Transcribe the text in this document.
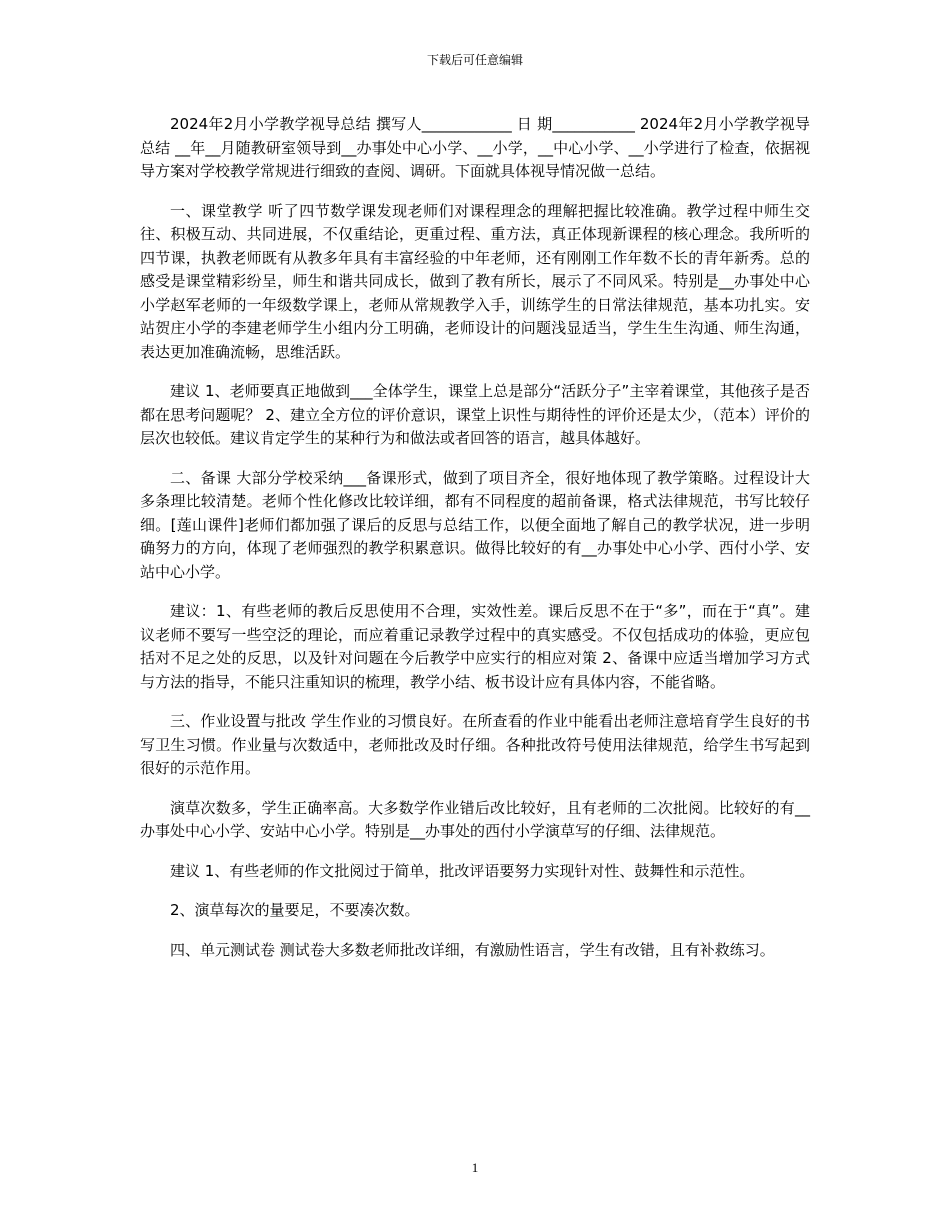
下载后可任意编辑

2024年2月小学教学视导总结 撰写人____________ 日 期___________ 2024年2月小学教学视导总结 __年__月随教研室领导到__办事处中心小学、__小学，__中心小学、__小学进行了检查，依据视导方案对学校教学常规进行细致的查阅、调研。下面就具体视导情况做一总结。

一、课堂教学 听了四节数学课发现老师们对课程理念的理解把握比较准确。教学过程中师生交往、积极互动、共同进展，不仅重结论，更重过程、重方法，真正体现新课程的核心理念。我所听的四节课，执教老师既有从教多年具有丰富经验的中年老师，还有刚刚工作年数不长的青年新秀。总的感受是课堂精彩纷呈，师生和谐共同成长，做到了教有所长，展示了不同风采。特别是__办事处中心小学赵军老师的一年级数学课上，老师从常规教学入手，训练学生的日常法律规范，基本功扎实。安站贺庄小学的李建老师学生小组内分工明确，老师设计的问题浅显适当，学生生生沟通、师生沟通，表达更加准确流畅，思维活跃。

建议 1、老师要真正地做到___全体学生，课堂上总是部分“活跃分子”主宰着课堂，其他孩子是否都在思考问题呢？ 2、建立全方位的评价意识，课堂上识性与期待性的评价还是太少，（范本）评价的层次也较低。建议肯定学生的某种行为和做法或者回答的语言，越具体越好。

二、备课 大部分学校采纳___备课形式，做到了项目齐全，很好地体现了教学策略。过程设计大多条理比较清楚。老师个性化修改比较详细，都有不同程度的超前备课，格式法律规范，书写比较仔细。[莲山课件]老师们都加强了课后的反思与总结工作，以便全面地了解自己的教学状况，进一步明确努力的方向，体现了老师强烈的教学积累意识。做得比较好的有__办事处中心小学、西付小学、安站中心小学。

建议：1、有些老师的教后反思使用不合理，实效性差。课后反思不在于“多”，而在于“真”。建议老师不要写一些空泛的理论，而应着重记录教学过程中的真实感受。不仅包括成功的体验，更应包括对不足之处的反思，以及针对问题在今后教学中应实行的相应对策 2、备课中应适当增加学习方式与方法的指导，不能只注重知识的梳理，教学小结、板书设计应有具体内容，不能省略。

三、作业设置与批改 学生作业的习惯良好。在所查看的作业中能看出老师注意培育学生良好的书写卫生习惯。作业量与次数适中，老师批改及时仔细。各种批改符号使用法律规范，给学生书写起到很好的示范作用。

演草次数多，学生正确率高。大多数学作业错后改比较好，且有老师的二次批阅。比较好的有__办事处中心小学、安站中心小学。特别是__办事处的西付小学演草写的仔细、法律规范。

建议 1、有些老师的作文批阅过于简单，批改评语要努力实现针对性、鼓舞性和示范性。

2、演草每次的量要足，不要凑次数。

四、单元测试卷 测试卷大多数老师批改详细，有激励性语言，学生有改错，且有补救练习。

1
